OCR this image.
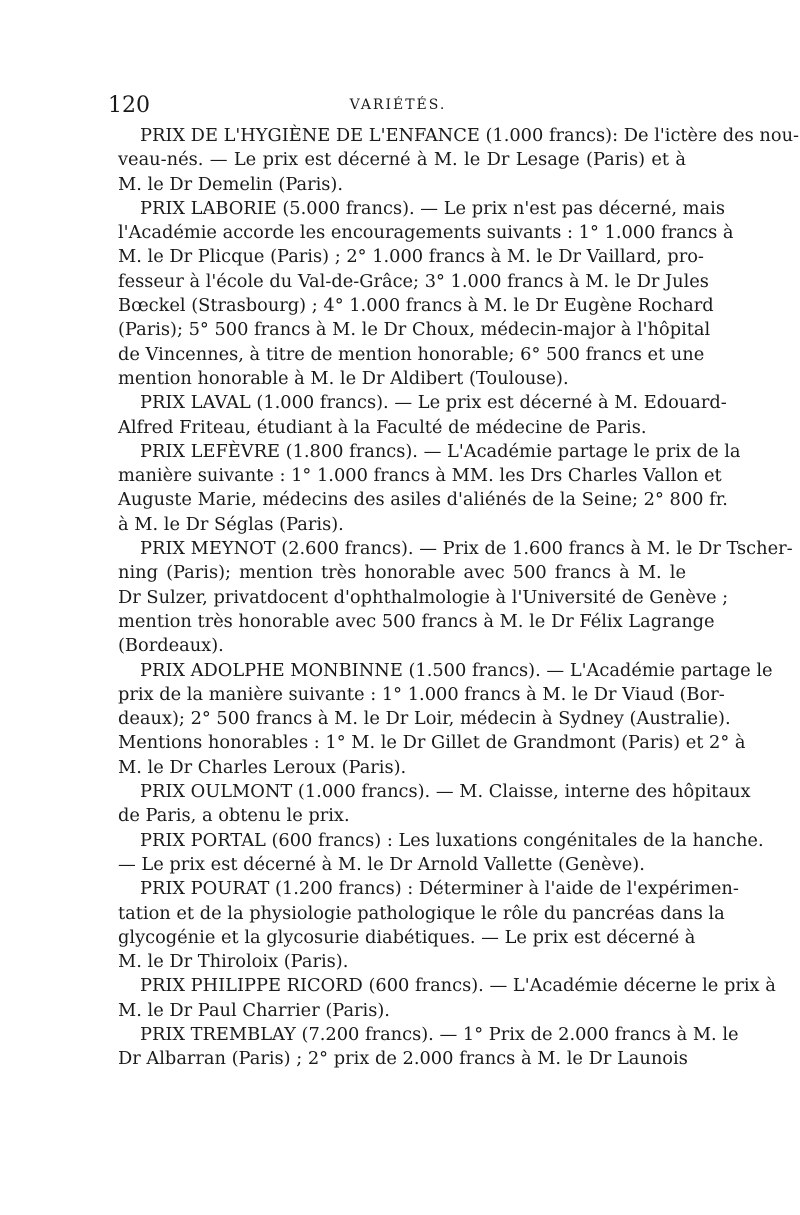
120	VARIÉTÉS.
PRIX DE L'HYGIÈNE DE L'ENFANCE (1.000 francs): De l'ictère des nou-
veau-nés. — Le prix est décerné à M. le Dr Lesage (Paris) et à
M. le Dr Demelin (Paris).
PRIX LABORIE (5.000 francs). — Le prix n'est pas décerné, mais
l'Académie accorde les encouragements suivants : 1° 1.000 francs à
M. le Dr Plicque (Paris) ; 2° 1.000 francs à M. le Dr Vaillard, pro-
fesseur à l'école du Val-de-Grâce; 3° 1.000 francs à M. le Dr Jules
Bœckel (Strasbourg) ; 4° 1.000 francs à M. le Dr Eugène Rochard
(Paris); 5° 500 francs à M. le Dr Choux, médecin-major à l'hôpital
de Vincennes, à titre de mention honorable; 6° 500 francs et une
mention honorable à M. le Dr Aldibert (Toulouse).
PRIX LAVAL (1.000 francs). — Le prix est décerné à M. Edouard-
Alfred Friteau, étudiant à la Faculté de médecine de Paris.
PRIX LEFÈVRE (1.800 francs). — L'Académie partage le prix de la
manière suivante : 1° 1.000 francs à MM. les Drs Charles Vallon et
Auguste Marie, médecins des asiles d'aliénés de la Seine; 2° 800 fr.
à M. le Dr Séglas (Paris).
PRIX MEYNOT (2.600 francs). — Prix de 1.600 francs à M. le Dr Tscher-
ning (Paris); mention très honorable avec 500 francs à M. le
Dr Sulzer, privatdocent d'ophthalmologie à l'Université de Genève ;
mention très honorable avec 500 francs à M. le Dr Félix Lagrange
(Bordeaux).
PRIX ADOLPHE MONBINNE (1.500 francs). — L'Académie partage le
prix de la manière suivante : 1° 1.000 francs à M. le Dr Viaud (Bor-
deaux); 2° 500 francs à M. le Dr Loir, médecin à Sydney (Australie).
Mentions honorables : 1° M. le Dr Gillet de Grandmont (Paris) et 2° à
M. le Dr Charles Leroux (Paris).
PRIX OULMONT (1.000 francs). — M. Claisse, interne des hôpitaux
de Paris, a obtenu le prix.
PRIX PORTAL (600 francs) : Les luxations congénitales de la hanche.
— Le prix est décerné à M. le Dr Arnold Vallette (Genève).
PRIX POURAT (1.200 francs) : Déterminer à l'aide de l'expérimen-
tation et de la physiologie pathologique le rôle du pancréas dans la
glycogénie et la glycosurie diabétiques. — Le prix est décerné à
M. le Dr Thiroloix (Paris).
PRIX PHILIPPE RICORD (600 francs). — L'Académie décerne le prix à
M. le Dr Paul Charrier (Paris).
PRIX TREMBLAY (7.200 francs). — 1° Prix de 2.000 francs à M. le
Dr Albarran (Paris) ; 2° prix de 2.000 francs à M. le Dr Launois
